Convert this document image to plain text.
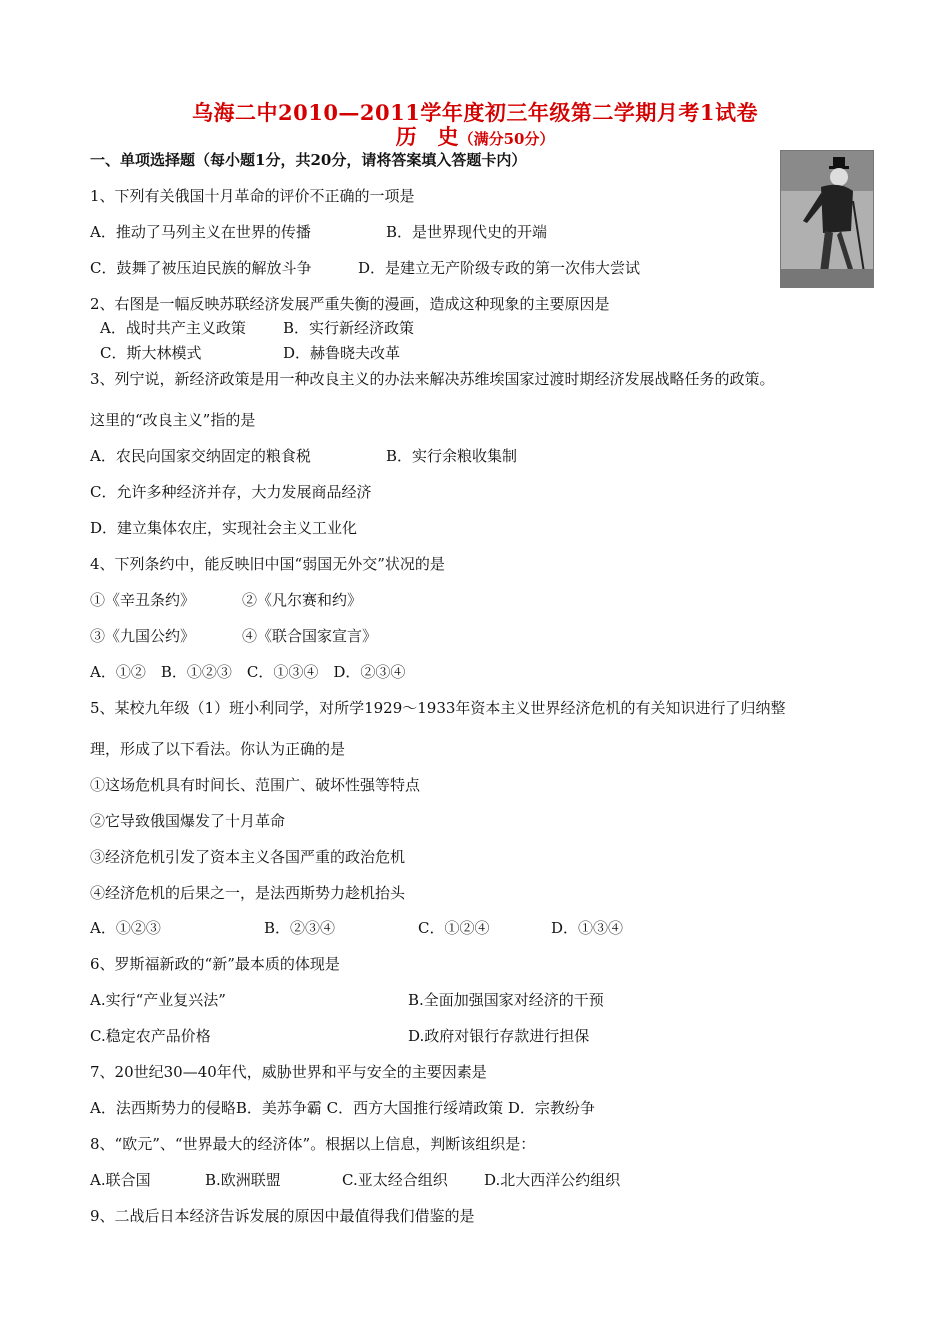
乌海二中2010—2011学年度初三年级第二学期月考1试卷
历　史（满分50分）
一、单项选择题（每小题1分，共20分，请将答案填入答题卡内）
1、下列有关俄国十月革命的评价不正确的一项是
A．推动了马列主义在世界的传播	B．是世界现代史的开端
C．鼓舞了被压迫民族的解放斗争	D．是建立无产阶级专政的第一次伟大尝试
2、右图是一幅反映苏联经济发展严重失衡的漫画，造成这种现象的主要原因是
A．战时共产主义政策 B．实行新经济政策
C．斯大林模式	D．赫鲁晓夫改革
3、列宁说，新经济政策是用一种改良主义的办法来解决苏维埃国家过渡时期经济发展战略任务的政策。
这里的“改良主义”指的是
A．农民向国家交纳固定的粮食税	B．实行余粮收集制
C．允许多种经济并存，大力发展商品经济
D．建立集体农庄，实现社会主义工业化
4、下列条约中，能反映旧中国“弱国无外交”状况的是
①《辛丑条约》	②《凡尔赛和约》
③《九国公约》	④《联合国家宣言》
A．①②　B．①②③　C．①③④　D．②③④
5、某校九年级（1）班小利同学，对所学1929～1933年资本主义世界经济危机的有关知识进行了归纳整
理，形成了以下看法。你认为正确的是
①这场危机具有时间长、范围广、破坏性强等特点
②它导致俄国爆发了十月革命
③经济危机引发了资本主义各国严重的政治危机
④经济危机的后果之一，是法西斯势力趁机抬头
A．①②③	B．②③④	C．①②④	D．①③④
6、罗斯福新政的“新”最本质的体现是
A.实行“产业复兴法”	B.全面加强国家对经济的干预
C.稳定农产品价格	D.政府对银行存款进行担保
7、20世纪30—40年代，威胁世界和平与安全的主要因素是
A．法西斯势力的侵略B．美苏争霸 C．西方大国推行绥靖政策 D．宗教纷争
8、“欧元”、“世界最大的经济体”。根据以上信息，判断该组织是：
A.联合国	B.欧洲联盟	C.亚太经合组织 D.北大西洋公约组织
9、二战后日本经济告诉发展的原因中最值得我们借鉴的是
